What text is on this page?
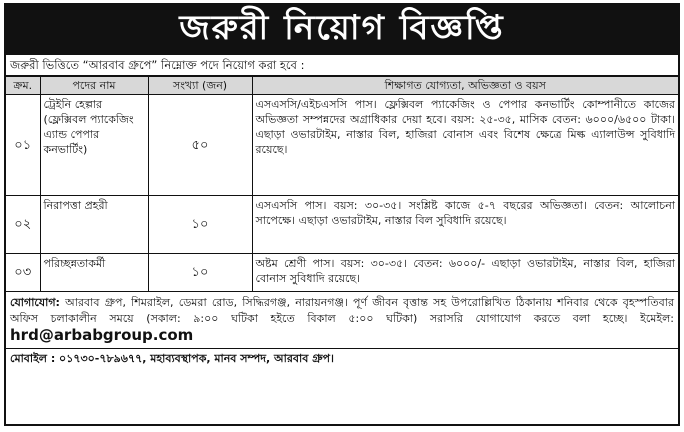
জরুরী নিয়োগ বিজ্ঞপ্তি
জরুরী ভিত্তিতে “আরবাব গ্রুপে” নিম্নোক্ত পদে নিয়োগ করা হবে :
ক্রম.	পদের নাম	সংখ্যা (জন)	শিক্ষাগত যোগ্যতা, অভিজ্ঞতা ও বয়স
০১	ট্রেইনি হেল্পার (ফ্লেক্সিবল প্যাকেজিং এ্যান্ড পেপার কনভার্টিং)	৫০	এসএসসি/এইচএসসি পাস। ফ্লেক্সিবল প্যাকেজিং ও পেপার কনভার্টিং কোম্পানীতে কাজের অভিজ্ঞতা সম্পন্নদের অগ্রাধিকার দেয়া হবে। বয়স: ২৫-৩৫, মাসিক বেতন: ৬০০০/৬৫০০ টাকা। এছাড়া ওভারটাইম, নাস্তার বিল, হাজিরা বোনাস এবং বিশেষ ক্ষেত্রে মিল্ক এ্যালাউন্স সুবিধাদি রয়েছে।
০২	নিরাপত্তা প্রহরী	১০	এসএসসি পাস। বয়স: ৩০-৩৫। সংশ্লিষ্ট কাজে ৫-৭ বছরের অভিজ্ঞতা। বেতন: আলোচনা সাপেক্ষে। এছাড়া ওভারটাইম, নাস্তার বিল সুবিধাদি রয়েছে।
০৩	পরিচ্ছন্নতাকর্মী	১০	অষ্টম শ্রেণী পাস। বয়স: ৩০-৩৫। বেতন: ৬০০০/- এছাড়া ওভারটাইম, নাস্তার বিল, হাজিরা বোনাস সুবিধাদি রয়েছে।
যোগাযোগ: আরবাব গ্রুপ, শিমরাইল, ডেমরা রোড, সিদ্ধিরগঞ্জ, নারায়নগঞ্জ। পূর্ণ জীবন বৃত্তান্ত সহ উপরোল্লিখিত ঠিকানায় শনিবার থেকে বৃহস্পতিবার অফিস চলাকালীন সময়ে (সকাল: ৯:০০ ঘটিকা হইতে বিকাল ৫:০০ ঘটিকা) সরাসরি যোগাযোগ করতে বলা হচ্ছে। ইমেইল: hrd@arbabgroup.com
মোবাইল : ০১৭৩০-৭৮৯৬৭৭, মহাব্যবস্থাপক, মানব সম্পদ, আরবাব গ্রুপ।
